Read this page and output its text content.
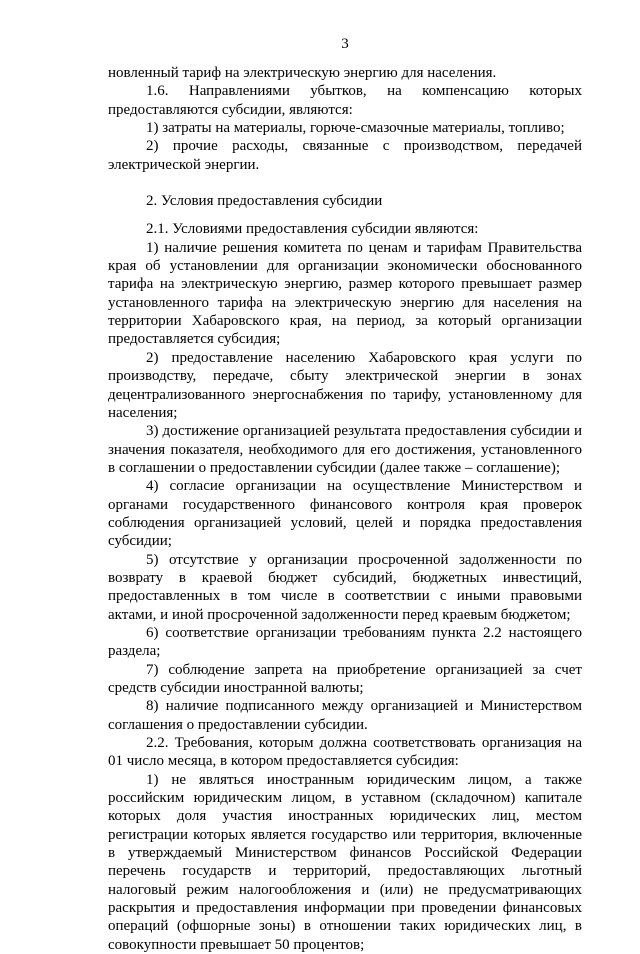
3

новленный тариф на электрическую энергию для населения.

1.6. Направлениями убытков, на компенсацию которых предоставляются субсидии, являются:

1) затраты на материалы, горюче-смазочные материалы, топливо;

2) прочие расходы, связанные с производством, передачей электрической энергии.

2. Условия предоставления субсидии

2.1. Условиями предоставления субсидии являются:

1) наличие решения комитета по ценам и тарифам Правительства края об установлении для организации экономически обоснованного тарифа на электрическую энергию, размер которого превышает размер установленного тарифа на электрическую энергию для населения на территории Хабаровского края, на период, за который организации предоставляется субсидия;

2) предоставление населению Хабаровского края услуги по производству, передаче, сбыту электрической энергии в зонах децентрализованного энергоснабжения по тарифу, установленному для населения;

3) достижение организацией результата предоставления субсидии и значения показателя, необходимого для его достижения, установленного в соглашении о предоставлении субсидии (далее также – соглашение);

4) согласие организации на осуществление Министерством и органами государственного финансового контроля края проверок соблюдения организацией условий, целей и порядка предоставления субсидии;

5) отсутствие у организации просроченной задолженности по возврату в краевой бюджет субсидий, бюджетных инвестиций, предоставленных в том числе в соответствии с иными правовыми актами, и иной просроченной задолженности перед краевым бюджетом;

6) соответствие организации требованиям пункта 2.2 настоящего раздела;

7) соблюдение запрета на приобретение организацией за счет средств субсидии иностранной валюты;

8) наличие подписанного между организацией и Министерством соглашения о предоставлении субсидии.

2.2. Требования, которым должна соответствовать организация на 01 число месяца, в котором предоставляется субсидия:

1) не являться иностранным юридическим лицом, а также российским юридическим лицом, в уставном (складочном) капитале которых доля участия иностранных юридических лиц, местом регистрации которых является государство или территория, включенные в утверждаемый Министерством финансов Российской Федерации перечень государств и территорий, предоставляющих льготный налоговый режим налогообложения и (или) не предусматривающих раскрытия и предоставления информации при проведении финансовых операций (офшорные зоны) в отношении таких юридических лиц, в совокупности превышает 50 процентов;
